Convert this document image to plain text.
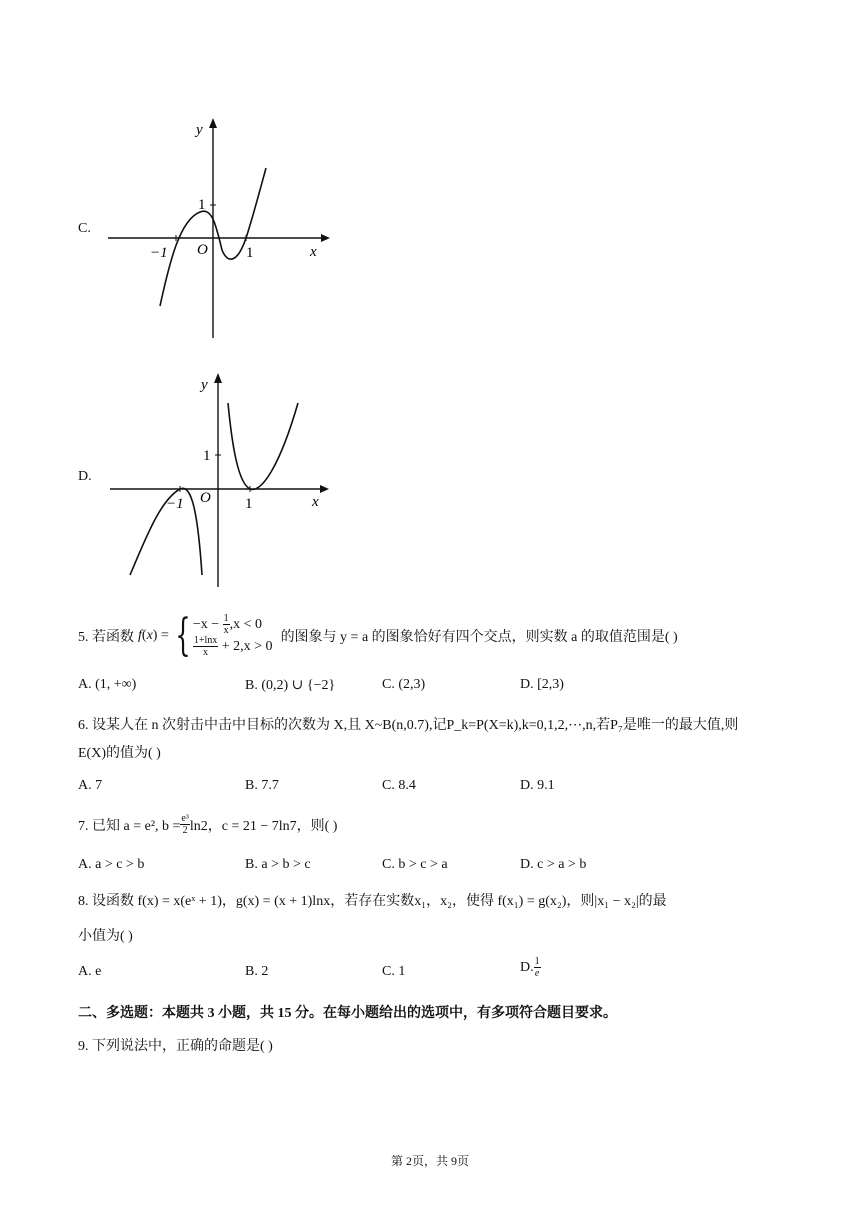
C.
y
x
−1 O	1
1
D.
y
x
−1 O 1
1
5. 若函数 f(x) = { $-x - \frac{1}{x} ,x < 0$
$\frac{1+\ln x}{x} + 2,x > 0$
的图象与 y = a 的图象恰好有四个交点，则实数 a 的取值范围是( )
A. (1, +∞)	B. (0,2) ∪ {−2}	C. (2,3)	D. [2,3)
6. 设某人在 n 次射击中击中目标的次数为 X,且 X~B(n,0.7),记P_k=P(X=k),k=0,1,2,⋯,n,若P₇是唯一的最大值,则
E(X)的值为( )
A. 7	B. 7.7	C. 8.4	D. 9.1
7. 已知 a = e², $b = \frac{\text{e³}}{2} \ln 2$，c = 21 − 7ln7，则( )
A. a > c > b	B. a > b > c	C. b > c > a	D. c > a > b
8. 设函数 f(x) = x(eˣ + 1)，g(x) = (x + 1)lnx，若存在实数x₁，x₂，使得 f(x₁) = g(x₂)，则|x₁ − x₂|的最
小值为( )
A. e	B. 2	C. 1	D. $\frac{1}{e}$
二、多选题：本题共 3 小题，共 15 分。在每小题给出的选项中，有多项符合题目要求。
9. 下列说法中，正确的命题是( )
第 2页，共 9页
